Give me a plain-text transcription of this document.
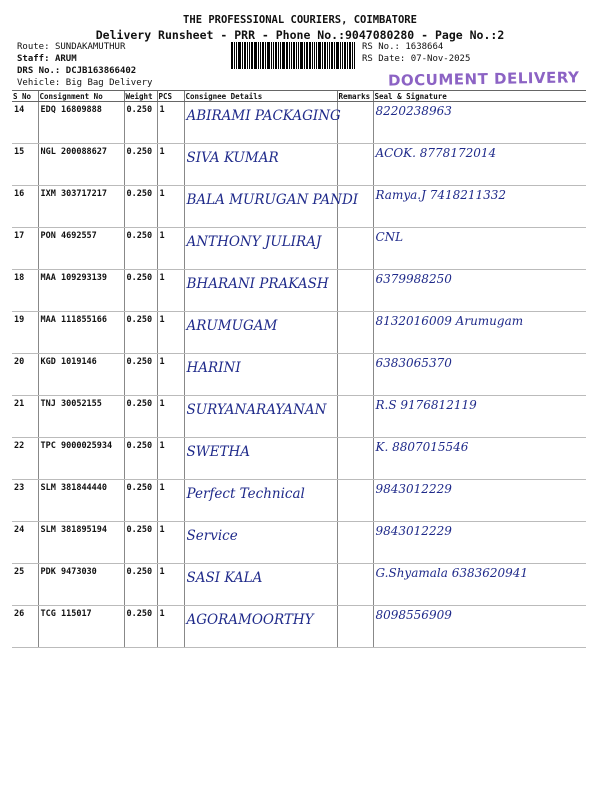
THE PROFESSIONAL COURIERS, COIMBATORE
Delivery Runsheet - PRR - Phone No.:9047080280 - Page No.:2
Route: SUNDAKAMUTHUR
Staff: ARUM
DRS No.: DCJB163866402
Vehicle: Big Bag Delivery
RS No.: 1638664
RS Date: 07-Nov-2025
DOCUMENT DELIVERY
S No	Consignment No	Weight	PCS	Consignee Details	Remarks	Seal & Signature
14	EDQ 16809888	0.250	1	ABIRAMI PACKAGING		8220238963

15	NGL 200088627	0.250	1	SIVA KUMAR		ACOK. 8778172014

16	IXM 303717217	0.250	1	BALA MURUGAN PANDI		Ramya.J 7418211332

17	PON 4692557	0.250	1	ANTHONY JULIRAJ		CNL

18	MAA 109293139	0.250	1	BHARANI PRAKASH		6379988250

19	MAA 111855166	0.250	1	ARUMUGAM		8132016009 Arumugam

20	KGD 1019146	0.250	1	HARINI		6383065370

21	TNJ 30052155	0.250	1	SURYANARAYANAN		R.S 9176812119

22	TPC 9000025934	0.250	1	SWETHA		K. 8807015546

23	SLM 381844440	0.250	1	Perfect Technical		9843012229

24	SLM 381895194	0.250	1	Service		9843012229

25	PDK 9473030	0.250	1	SASI KALA		G.Shyamala 6383620941

26	TCG 115017	0.250	1	AGORAMOORTHY		8098556909
